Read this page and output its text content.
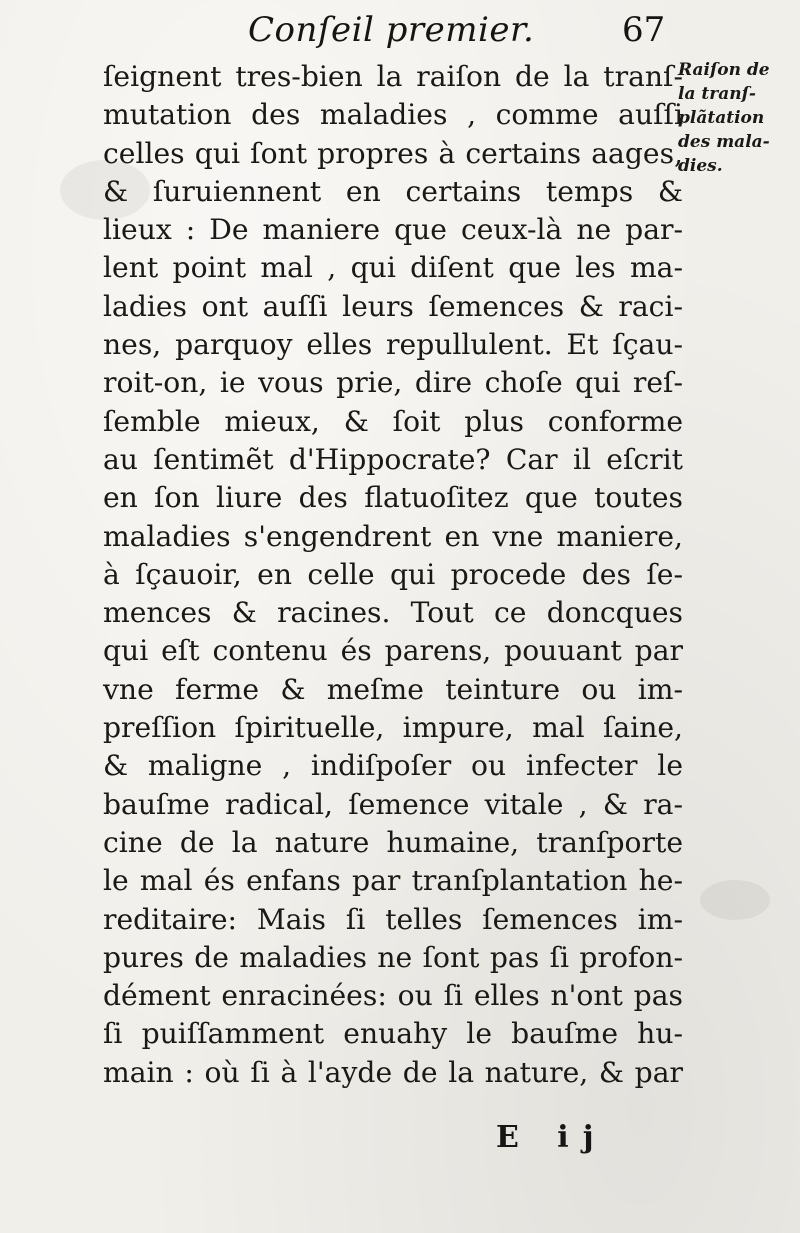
Conſeil premier.	67
Raiſon de
la tranſ-
plãtation
des mala-
dies.
ſeignent tres-bien la raiſon de la tranſ-
mutation des maladies , comme auſſi
celles qui ſont propres à certains aages,
& ſuruiennent en certains temps &
lieux : De maniere que ceux-là ne par-
lent point mal , qui diſent que les ma-
ladies ont auſſi leurs ſemences & raci-
nes, parquoy elles repullulent. Et ſçau-
roit-on, ie vous prie, dire choſe qui reſ-
ſemble mieux, & ſoit plus conforme
au ſentimẽt d'Hippocrate? Car il eſcrit
en ſon liure des flatuoſitez que toutes
maladies s'engendrent en vne maniere,
à ſçauoir, en celle qui procede des ſe-
mences & racines. Tout ce doncques
qui eſt contenu és parens, pouuant par
vne ferme & meſme teinture ou im-
preſſion ſpirituelle, impure, mal ſaine,
& maligne , indiſpoſer ou infecter le
bauſme radical, ſemence vitale , & ra-
cine de la nature humaine, tranſporte
le mal és enfans par tranſplantation he-
reditaire: Mais ſi telles ſemences im-
pures de maladies ne ſont pas ſi profon-
dément enracinées: ou ſi elles n'ont pas
ſi puiſſamment enuahy le bauſme hu-
main : où ſi à l'ayde de la nature, & par
E ij
